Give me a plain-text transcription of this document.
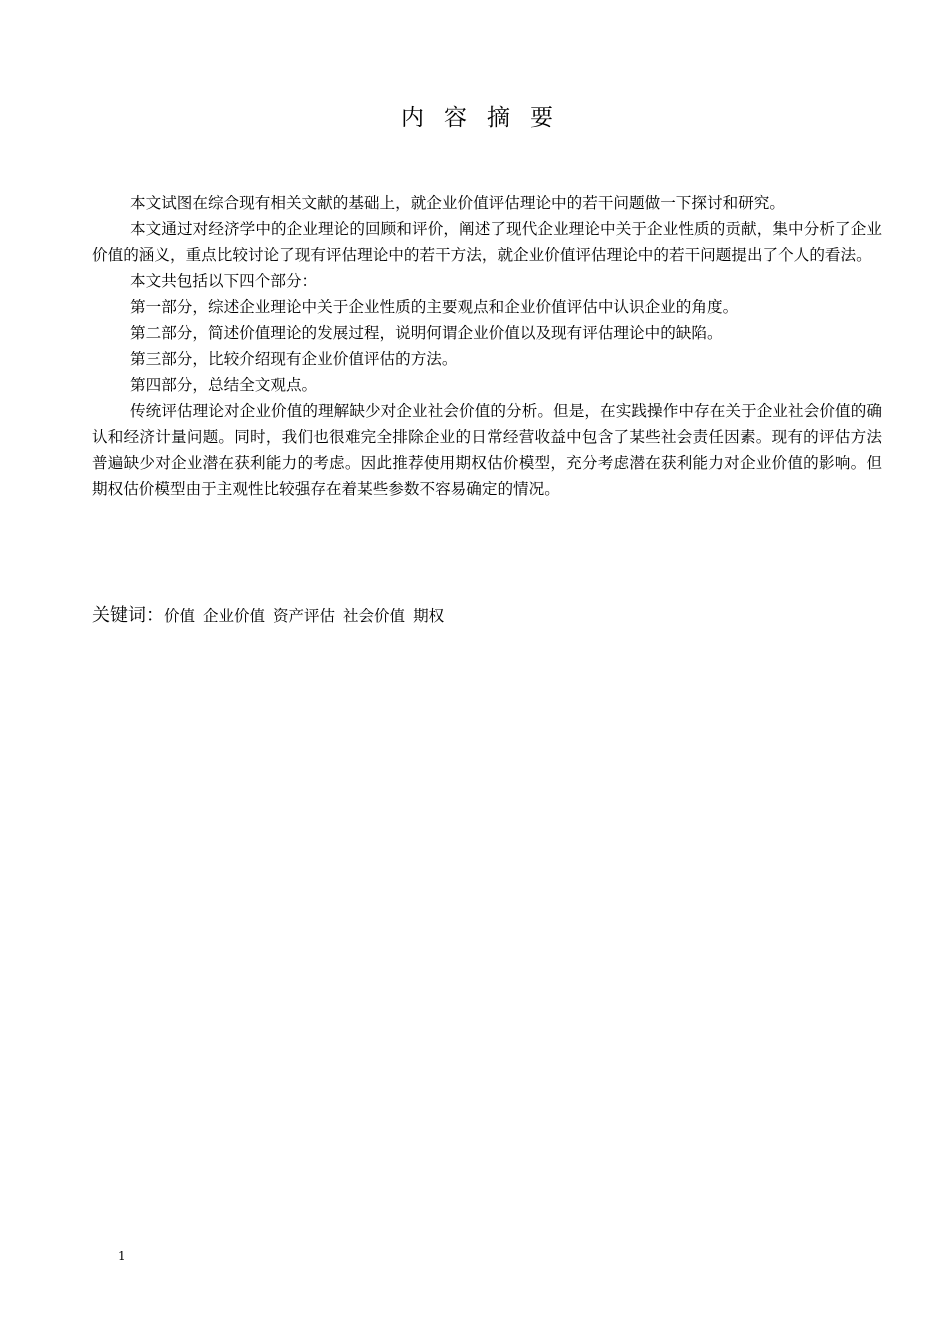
内容摘要

本文试图在综合现有相关文献的基础上，就企业价值评估理论中的若干问题做一下探讨和研究。

本文通过对经济学中的企业理论的回顾和评价，阐述了现代企业理论中关于企业性质的贡献，集中分析了企业价值的涵义，重点比较讨论了现有评估理论中的若干方法，就企业价值评估理论中的若干问题提出了个人的看法。

本文共包括以下四个部分：

第一部分，综述企业理论中关于企业性质的主要观点和企业价值评估中认识企业的角度。

第二部分，简述价值理论的发展过程，说明何谓企业价值以及现有评估理论中的缺陷。

第三部分，比较介绍现有企业价值评估的方法。

第四部分，总结全文观点。

传统评估理论对企业价值的理解缺少对企业社会价值的分析。但是，在实践操作中存在关于企业社会价值的确认和经济计量问题。同时，我们也很难完全排除企业的日常经营收益中包含了某些社会责任因素。现有的评估方法普遍缺少对企业潜在获利能力的考虑。因此推荐使用期权估价模型，充分考虑潜在获利能力对企业价值的影响。但期权估价模型由于主观性比较强存在着某些参数不容易确定的情况。

关键词：价值 企业价值 资产评估 社会价值 期权
1
